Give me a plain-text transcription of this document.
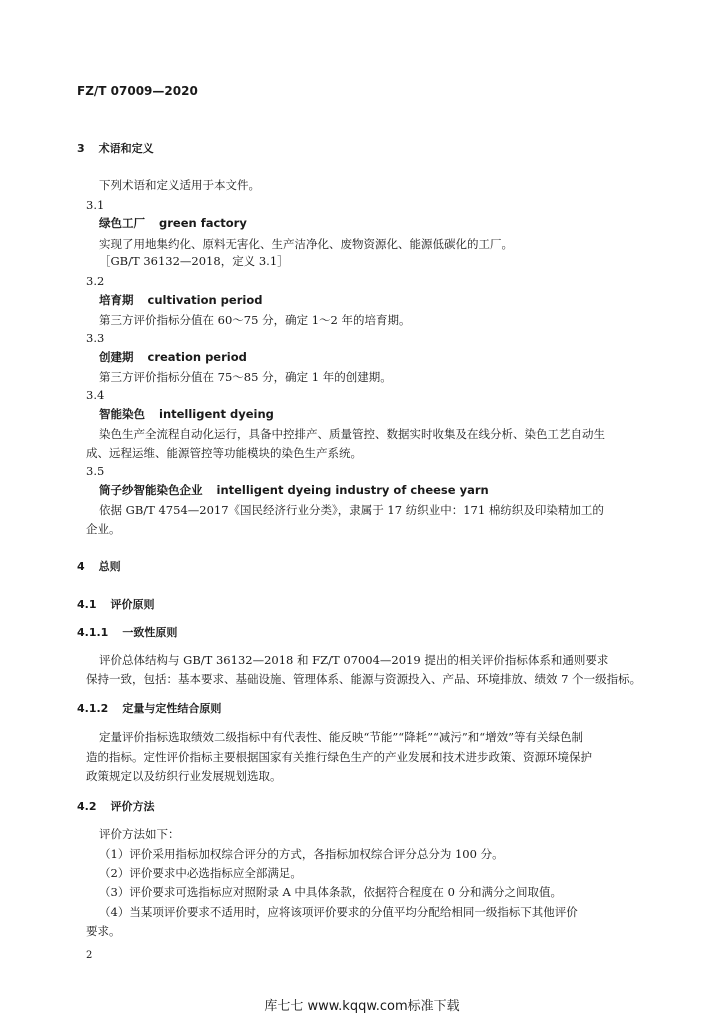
FZ/T 07009—2020
3 术语和定义
下列术语和定义适用于本文件。
3.1
绿色工厂 green factory
实现了用地集约化、原料无害化、生产洁净化、废物资源化、能源低碳化的工厂。
［GB/T 36132—2018，定义 3.1］
3.2
培育期 cultivation period
第三方评价指标分值在 60～75 分，确定 1～2 年的培育期。
3.3
创建期 creation period
第三方评价指标分值在 75～85 分，确定 1 年的创建期。
3.4
智能染色 intelligent dyeing
染色生产全流程自动化运行，具备中控排产、质量管控、数据实时收集及在线分析、染色工艺自动生
成、远程运维、能源管控等功能模块的染色生产系统。
3.5
筒子纱智能染色企业 intelligent dyeing industry of cheese yarn
依据 GB/T 4754—2017《国民经济行业分类》，隶属于 17 纺织业中：171 棉纺织及印染精加工的
企业。
4 总则
4.1 评价原则
4.1.1 一致性原则
评价总体结构与 GB/T 36132—2018 和 FZ/T 07004—2019 提出的相关评价指标体系和通则要求
保持一致，包括：基本要求、基础设施、管理体系、能源与资源投入、产品、环境排放、绩效 7 个一级指标。
4.1.2 定量与定性结合原则
定量评价指标选取绩效二级指标中有代表性、能反映“节能”“降耗”“减污”和“增效”等有关绿色制
造的指标。定性评价指标主要根据国家有关推行绿色生产的产业发展和技术进步政策、资源环境保护
政策规定以及纺织行业发展规划选取。
4.2 评价方法
评价方法如下：
（1）评价采用指标加权综合评分的方式，各指标加权综合评分总分为 100 分。
（2）评价要求中必选指标应全部满足。
（3）评价要求可选指标应对照附录 A 中具体条款，依据符合程度在 0 分和满分之间取值。
（4）当某项评价要求不适用时，应将该项评价要求的分值平均分配给相同一级指标下其他评价
要求。
2
库七七 www.kqqw.com标准下载
